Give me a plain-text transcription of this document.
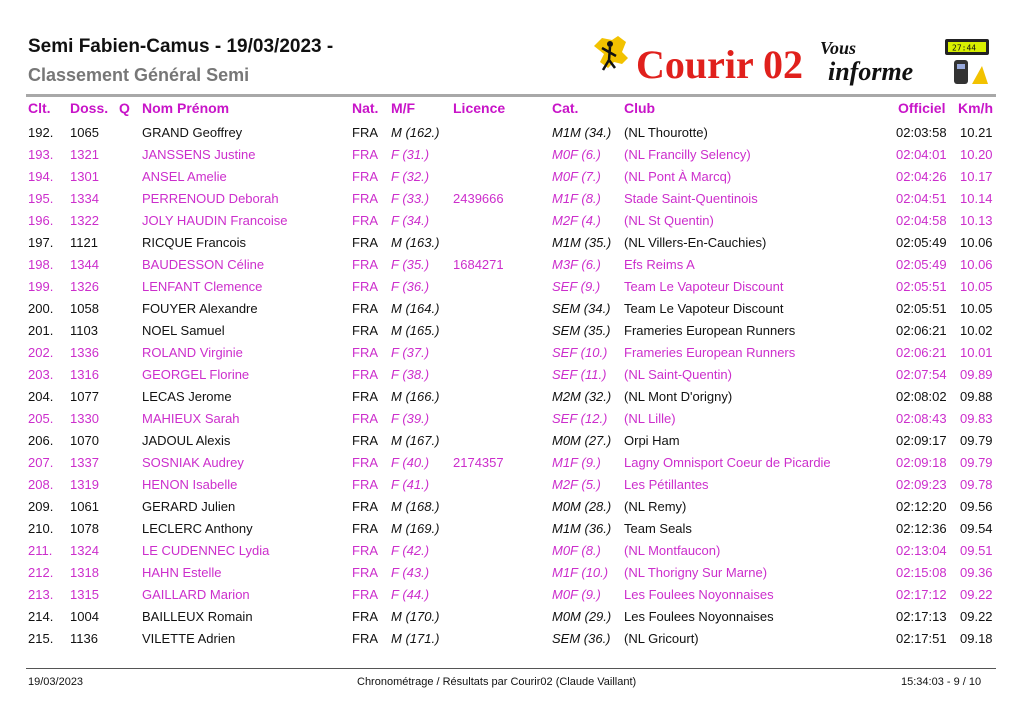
Semi Fabien-Camus - 19/03/2023 -
Classement Général Semi	Courir 02 Vous
informe
27:44
Clt. Doss. Q Nom Prénom	Nat. M/F	Licence	Cat.	Club	Officiel Km/h
192. 1065	GRAND Geoffrey	FRA M (162.)	M1M (34.) (NL Thourotte)	02:03:58 10.21
193. 1321	JANSSENS Justine	FRA F (31.)	M0F (6.) (NL Francilly Selency)	02:04:01 10.20
194. 1301	ANSEL Amelie	FRA F (32.)	M0F (7.) (NL Pont À Marcq)	02:04:26 10.17
195. 1334	PERRENOUD Deborah	FRA F (33.) 2439666	M1F (8.) Stade Saint-Quentinois	02:04:51 10.14
196. 1322	JOLY HAUDIN Francoise	FRA F (34.)	M2F (4.) (NL St Quentin)	02:04:58 10.13
197. 1121	RICQUE Francois	FRA M (163.)	M1M (35.) (NL Villers-En-Cauchies)	02:05:49 10.06
198. 1344	BAUDESSON Céline	FRA F (35.) 1684271	M3F (6.) Efs Reims A	02:05:49 10.06
199. 1326	LENFANT Clemence	FRA F (36.)	SEF (9.) Team Le Vapoteur Discount	02:05:51 10.05
200. 1058	FOUYER Alexandre	FRA M (164.)	SEM (34.) Team Le Vapoteur Discount	02:05:51 10.05
201. 1103	NOEL Samuel	FRA M (165.)	SEM (35.) Frameries European Runners	02:06:21 10.02
202. 1336	ROLAND Virginie	FRA F (37.)	SEF (10.) Frameries European Runners	02:06:21 10.01
203. 1316	GEORGEL Florine	FRA F (38.)	SEF (11.) (NL Saint-Quentin)	02:07:54 09.89
204. 1077	LECAS Jerome	FRA M (166.)	M2M (32.) (NL Mont D'origny)	02:08:02 09.88
205. 1330	MAHIEUX Sarah	FRA F (39.)	SEF (12.) (NL Lille)	02:08:43 09.83
206. 1070	JADOUL Alexis	FRA M (167.)	M0M (27.) Orpi Ham	02:09:17 09.79
207. 1337	SOSNIAK Audrey	FRA F (40.) 2174357	M1F (9.) Lagny Omnisport Coeur de Picardie	02:09:18 09.79
208. 1319	HENON Isabelle	FRA F (41.)	M2F (5.) Les Pétillantes	02:09:23 09.78
209. 1061	GERARD Julien	FRA M (168.)	M0M (28.) (NL Remy)	02:12:20 09.56
210. 1078	LECLERC Anthony	FRA M (169.)	M1M (36.) Team Seals	02:12:36 09.54
211. 1324	LE CUDENNEC Lydia	FRA F (42.)	M0F (8.) (NL Montfaucon)	02:13:04 09.51
212. 1318	HAHN Estelle	FRA F (43.)	M1F (10.) (NL Thorigny Sur Marne)	02:15:08 09.36
213. 1315	GAILLARD Marion	FRA F (44.)	M0F (9.) Les Foulees Noyonnaises	02:17:12 09.22
214. 1004	BAILLEUX Romain	FRA M (170.)	M0M (29.) Les Foulees Noyonnaises	02:17:13 09.22
215. 1136	VILETTE Adrien	FRA M (171.)	SEM (36.) (NL Gricourt)	02:17:51 09.18
19/03/2023	Chronométrage / Résultats par Courir02 (Claude Vaillant)	15:34:03 - 9 / 10
